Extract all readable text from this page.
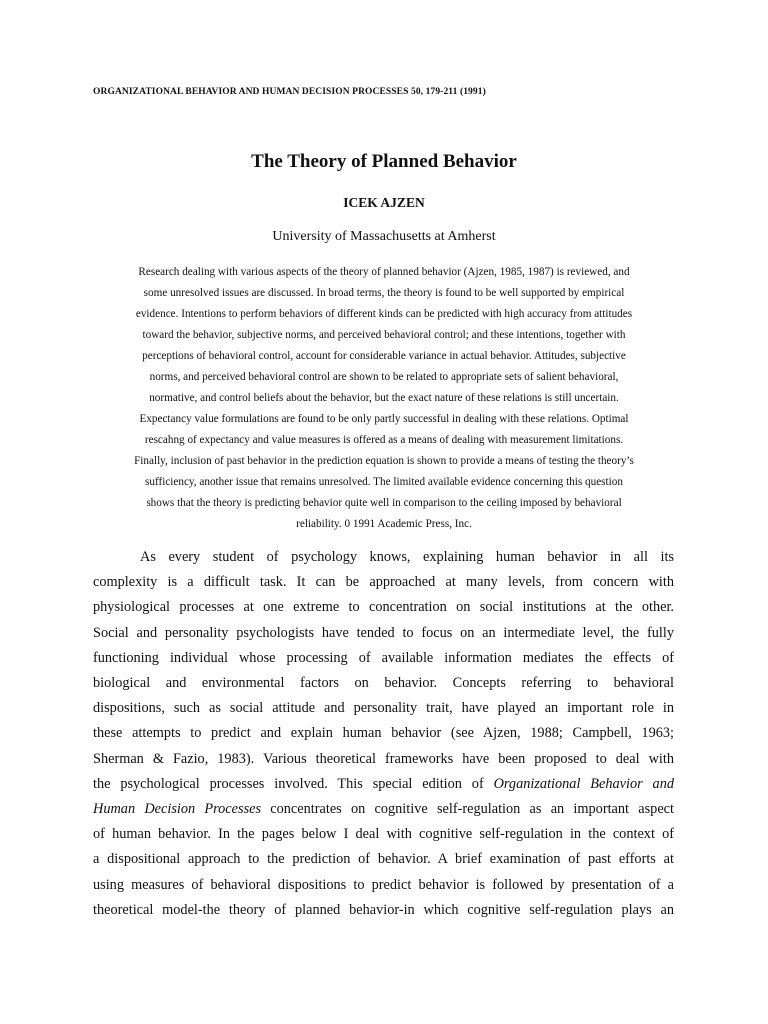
ORGANIZATIONAL BEHAVIOR AND HUMAN DECISION PROCESSES 50, 179-211 (1991)
The Theory of Planned Behavior
ICEK AJZEN
University of Massachusetts at Amherst
Research dealing with various aspects of the theory of planned behavior (Ajzen, 1985, 1987) is reviewed, and
some unresolved issues are discussed. In broad terms, the theory is found to be well supported by empirical
evidence. Intentions to perform behaviors of different kinds can be predicted with high accuracy from attitudes
toward the behavior, subjective norms, and perceived behavioral control; and these intentions, together with
perceptions of behavioral control, account for considerable variance in actual behavior. Attitudes, subjective
norms, and perceived behavioral control are shown to be related to appropriate sets of salient behavioral,
normative, and control beliefs about the behavior, but the exact nature of these relations is still uncertain.
Expectancy value formulations are found to be only partly successful in dealing with these relations. Optimal
rescahng of expectancy and value measures is offered as a means of dealing with measurement limitations.
Finally, inclusion of past behavior in the prediction equation is shown to provide a means of testing the theory’s
sufficiency, another issue that remains unresolved. The limited available evidence concerning this question
shows that the theory is predicting behavior quite well in comparison to the ceiling imposed by behavioral
reliability. 0 1991 Academic Press, Inc.
As every student of psychology knows, explaining human behavior in all its
complexity is a difficult task. It can be approached at many levels, from concern with
physiological processes at one extreme to concentration on social institutions at the other.
Social and personality psychologists have tended to focus on an intermediate level, the fully
functioning individual whose processing of available information mediates the effects of
biological and environmental factors on behavior. Concepts referring to behavioral
dispositions, such as social attitude and personality trait, have played an important role in
these attempts to predict and explain human behavior (see Ajzen, 1988; Campbell, 1963;
Sherman & Fazio, 1983). Various theoretical frameworks have been proposed to deal with
the psychological processes involved. This special edition of Organizational Behavior and
Human Decision Processes concentrates on cognitive self-regulation as an important aspect
of human behavior. In the pages below I deal with cognitive self-regulation in the context of
a dispositional approach to the prediction of behavior. A brief examination of past efforts at
using measures of behavioral dispositions to predict behavior is followed by presentation of a
theoretical model-the theory of planned behavior-in which cognitive self-regulation plays an
